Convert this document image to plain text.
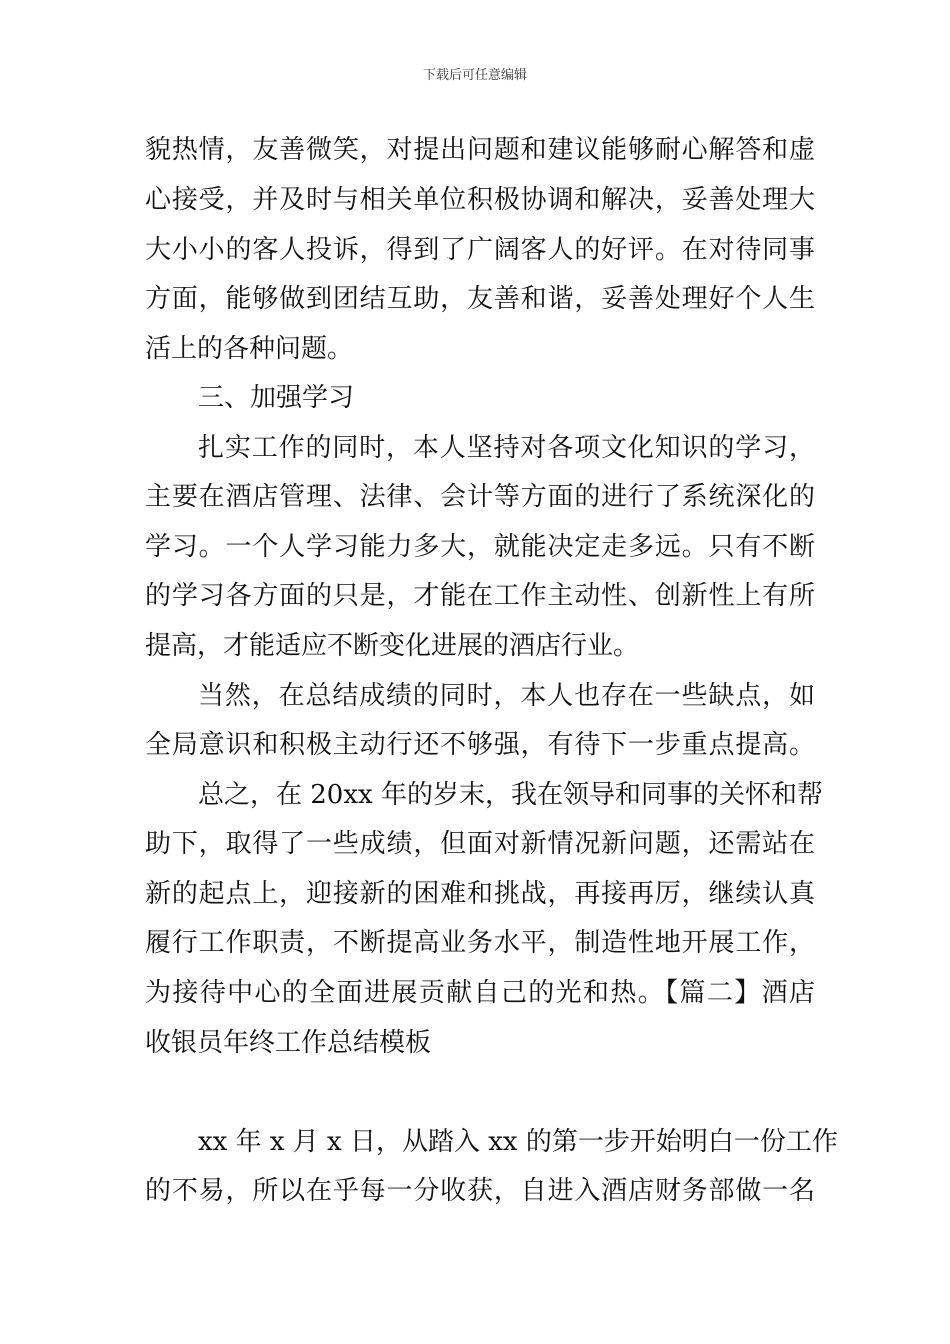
下载后可任意编辑
貌热情，友善微笑，对提出问题和建议能够耐心解答和虚
心接受，并及时与相关单位积极协调和解决，妥善处理大
大小小的客人投诉，得到了广阔客人的好评。在对待同事
方面，能够做到团结互助，友善和谐，妥善处理好个人生
活上的各种问题。
三、加强学习
扎实工作的同时，本人坚持对各项文化知识的学习，
主要在酒店管理、法律、会计等方面的进行了系统深化的
学习。一个人学习能力多大，就能决定走多远。只有不断
的学习各方面的只是，才能在工作主动性、创新性上有所
提高，才能适应不断变化进展的酒店行业。
当然，在总结成绩的同时，本人也存在一些缺点，如
全局意识和积极主动行还不够强，有待下一步重点提高。
总之，在 20xx 年的岁末，我在领导和同事的关怀和帮
助下，取得了一些成绩，但面对新情况新问题，还需站在
新的起点上，迎接新的困难和挑战，再接再厉，继续认真
履行工作职责，不断提高业务水平，制造性地开展工作，
为接待中心的全面进展贡献自己的光和热。【篇二】酒店
收银员年终工作总结模板
xx 年 x 月 x 日，从踏入 xx 的第一步开始明白一份工作
的不易，所以在乎每一分收获，自进入酒店财务部做一名
